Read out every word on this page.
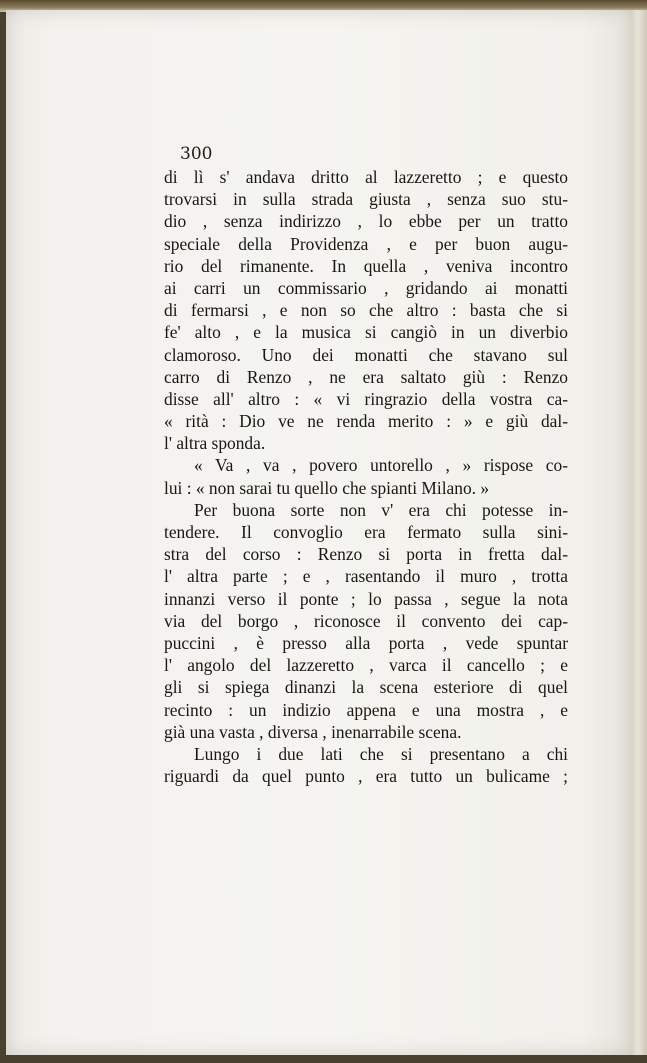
300
di lì s' andava dritto al lazzeretto ; e questo
trovarsi in sulla strada giusta , senza suo stu-
dio , senza indirizzo , lo ebbe per un tratto
speciale della Providenza , e per buon augu-
rio del rimanente. In quella , veniva incontro
ai carri un commissario , gridando ai monatti
di fermarsi , e non so che altro : basta che si
fe' alto , e la musica si cangiò in un diverbio
clamoroso. Uno dei monatti che stavano sul
carro di Renzo , ne era saltato giù : Renzo
disse all' altro : « vi ringrazio della vostra ca-
« rità : Dio ve ne renda merito : » e giù dal-
l' altra sponda.
« Va , va , povero untorello , » rispose co-
lui : « non sarai tu quello che spianti Milano. »
Per buona sorte non v' era chi potesse in-
tendere. Il convoglio era fermato sulla sini-
stra del corso : Renzo si porta in fretta dal-
l' altra parte ; e , rasentando il muro , trotta
innanzi verso il ponte ; lo passa , segue la nota
via del borgo , riconosce il convento dei cap-
puccini , è presso alla porta , vede spuntar
l' angolo del lazzeretto , varca il cancello ; e
gli si spiega dinanzi la scena esteriore di quel
recinto : un indizio appena e una mostra , e
già una vasta , diversa , inenarrabile scena.
Lungo i due lati che si presentano a chi
riguardi da quel punto , era tutto un bulicame ;
